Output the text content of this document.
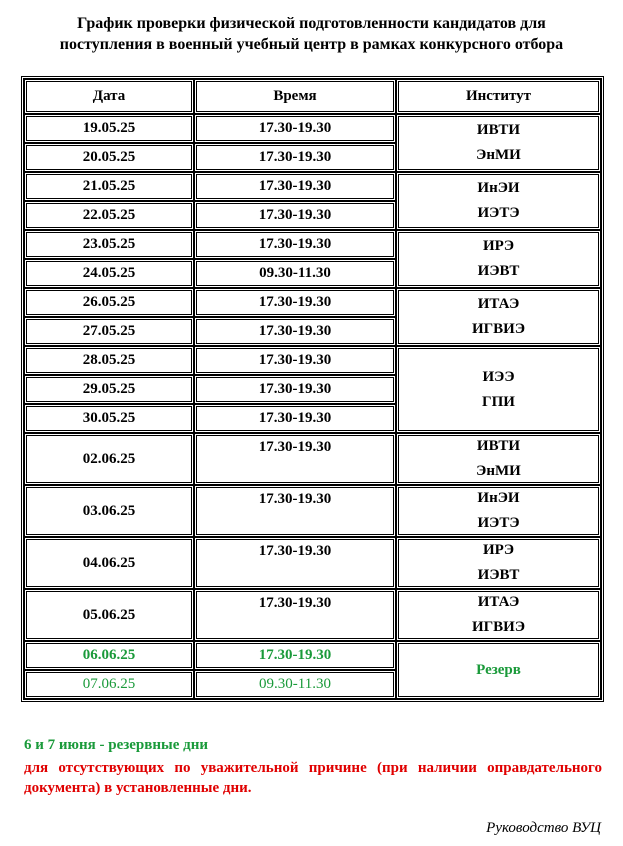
График проверки физической подготовленности кандидатов для
поступления в военный учебный центр в рамках конкурсного отбора
Дата	Время	Институт
19.05.25	17.30-19.30	ИВТИ
ЭнМИ

20.05.25	17.30-19.30	
21.05.25	17.30-19.30	ИнЭИ
ИЭТЭ

22.05.25	17.30-19.30	
23.05.25	17.30-19.30	ИРЭ
ИЭВТ

24.05.25	09.30-11.30	
26.05.25	17.30-19.30	ИТАЭ
ИГВИЭ

27.05.25	17.30-19.30	
28.05.25	17.30-19.30	ИЭЭ
ГПИ

29.05.25	17.30-19.30	
30.05.25	17.30-19.30	
02.06.25	17.30-19.30	ИВТИ
ЭнМИ

03.06.25	17.30-19.30	ИнЭИ
ИЭТЭ

04.06.25	17.30-19.30	ИРЭ
ИЭВТ

05.06.25	17.30-19.30	ИТАЭ
ИГВИЭ

06.06.25	17.30-19.30	Резерв

07.06.25	09.30-11.30	
6 и 7 июня - резервные дни
для отсутствующих по уважительной причине (при наличии оправдательного документа) в установленные дни.
Руководство ВУЦ
